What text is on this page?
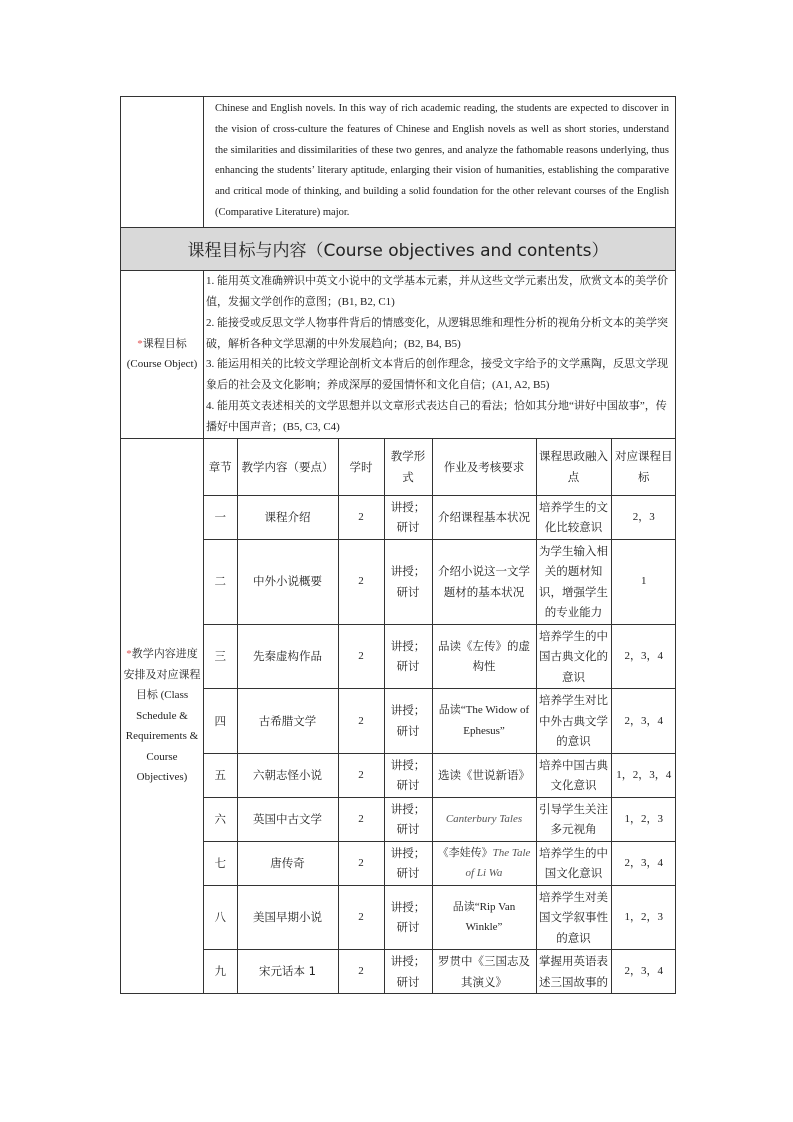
	Chinese and English novels. In this way of rich academic reading, the students are expected to discover in the vision of cross-culture the features of Chinese and English novels as well as short stories, understand the similarities and dissimilarities of these two genres, and analyze the fathomable reasons underlying, thus enhancing the students’ literary aptitude, enlarging their vision of humanities, establishing the comparative and critical mode of thinking, and building a solid foundation for the other relevant courses of the English (Comparative Literature) major.
课程目标与内容（Course objectives and contents）
*课程目标
(Course Object)	
1. 能用英文准确辨识中英文小说中的文学基本元素，并从这些文学元素出发，欣赏文本的美学价值，发掘文学创作的意图；(B1, B2, C1)
2. 能接受或反思文学人物事件背后的情感变化，从逻辑思维和理性分析的视角分析文本的美学突破，解析各种文学思潮的中外发展趋向；(B2, B4, B5)
3. 能运用相关的比较文学理论剖析文本背后的创作理念，接受文字给予的文学熏陶，反思文学现象后的社会及文化影响；养成深厚的爱国情怀和文化自信；(A1, A2, B5)
4. 能用英文表述相关的文学思想并以文章形式表达自己的看法；恰如其分地“讲好中国故事”，传播好中国声音；(B5, C3, C4)

*教学内容进度安排及对应课程目标 (Class Schedule & Requirements & Course Objectives)	
章节	教学内容（要点）	学时	教学形式	作业及考核要求	课程思政融入点	对应课程目标
一	课程介绍	2	讲授；研讨	介绍课程基本状况	培养学生的文化比较意识	2，3
二	中外小说概要	2	讲授；研讨	介绍小说这一文学题材的基本状况	为学生输入相关的题材知识，增强学生的专业能力	1
三	先秦虚构作品	2	讲授；研讨	品读《左传》的虚构性	培养学生的中国古典文化的意识	2，3，4
四	古希腊文学	2	讲授；研讨	品读“The Widow of Ephesus”	培养学生对比中外古典文学的意识	2，3，4
五	六朝志怪小说	2	讲授；研讨	选读《世说新语》	培养中国古典文化意识	1，2，3，4
六	英国中古文学	2	讲授；研讨	Canterbury Tales	引导学生关注多元视角	1，2，3
七	唐传奇	2	讲授；研讨	《李娃传》The Tale of Li Wa	培养学生的中国文化意识	2，3，4
八	美国早期小说	2	讲授；研讨	品读“Rip Van Winkle”	培养学生对美国文学叙事性的意识	1，2，3
九	宋元话本 1	2	讲授；研讨	罗贯中《三国志及其演义》	掌握用英语表述三国故事的	2，3，4
